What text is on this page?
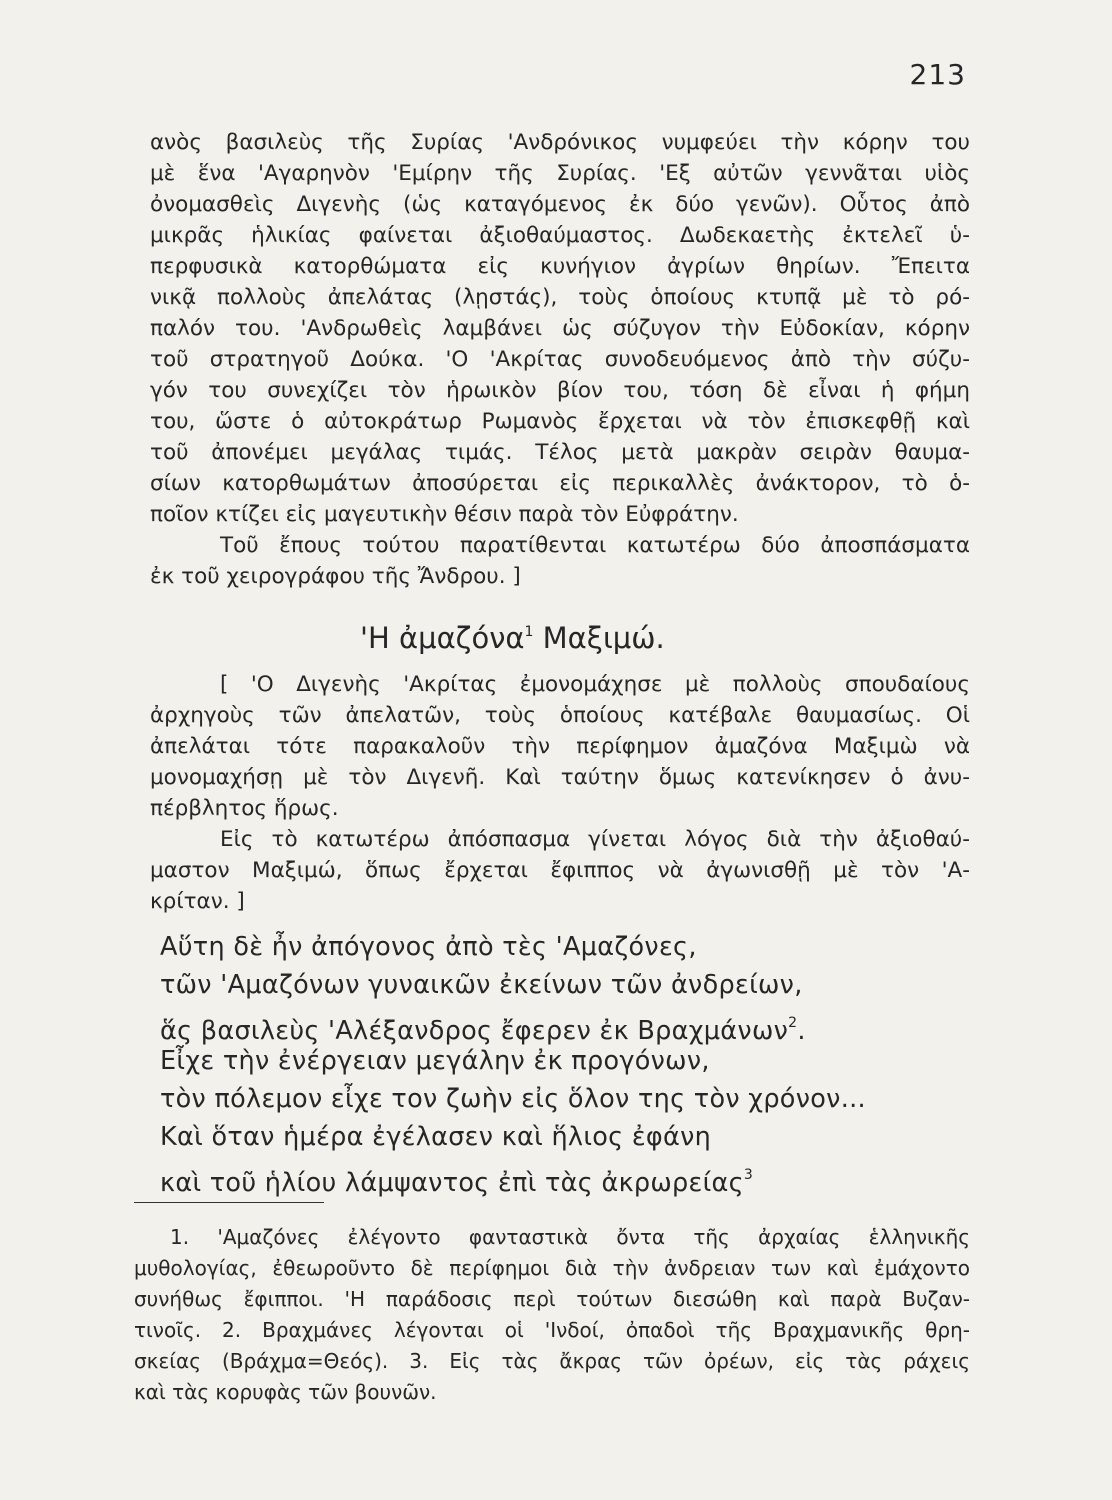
213
ανὸς βασιλεὺς τῆς Συρίας 'Ανδρόνικος νυμφεύει τὴν κόρην του
μὲ ἕνα 'Αγαρηνὸν 'Εμίρην τῆς Συρίας. 'Εξ αὐτῶν γεννᾶται υἱὸς
ὀνομασθεὶς Διγενὴς (ὡς καταγόμενος ἐκ δύο γενῶν). Οὗτος ἀπὸ
μικρᾶς ἡλικίας φαίνεται ἀξιοθαύμαστος. Δωδεκαετὴς ἐκτελεῖ ὑ-
περφυσικὰ κατορθώματα εἰς κυνήγιον ἀγρίων θηρίων. Ἔπειτα
νικᾷ πολλοὺς ἀπελάτας (λῃστάς), τοὺς ὁποίους κτυπᾷ μὲ τὸ ρό-
παλόν του. 'Ανδρωθεὶς λαμβάνει ὡς σύζυγον τὴν Εὐδοκίαν, κόρην
τοῦ στρατηγοῦ Δούκα. 'Ο 'Ακρίτας συνοδευόμενος ἀπὸ τὴν σύζυ-
γόν του συνεχίζει τὸν ἡρωικὸν βίον του, τόση δὲ εἶναι ἡ φήμη
του, ὥστε ὁ αὐτοκράτωρ Ρωμανὸς ἔρχεται νὰ τὸν ἐπισκεφθῇ καὶ
τοῦ ἀπονέμει μεγάλας τιμάς. Τέλος μετὰ μακρὰν σειρὰν θαυμα-
σίων κατορθωμάτων ἀποσύρεται εἰς περικαλλὲς ἀνάκτορον, τὸ ὁ-
ποῖον κτίζει εἰς μαγευτικὴν θέσιν παρὰ τὸν Εὐφράτην.
Τοῦ ἔπους τούτου παρατίθενται κατωτέρω δύο ἀποσπάσματα
ἐκ τοῦ χειρογράφου τῆς Ἄνδρου. ]
'Η ἀμαζόνα$^1$ Μαξιμώ.
[ 'Ο Διγενὴς 'Ακρίτας ἐμονομάχησε μὲ πολλοὺς σπουδαίους
ἀρχηγοὺς τῶν ἀπελατῶν, τοὺς ὁποίους κατέβαλε θαυμασίως. Οἱ
ἀπελάται τότε παρακαλοῦν τὴν περίφημον ἀμαζόνα Μαξιμὼ νὰ
μονομαχήσῃ μὲ τὸν Διγενῆ. Καὶ ταύτην ὅμως κατενίκησεν ὁ ἀνυ-
πέρβλητος ἥρως.
Εἰς τὸ κατωτέρω ἀπόσπασμα γίνεται λόγος διὰ τὴν ἀξιοθαύ-
μαστον Μαξιμώ, ὅπως ἔρχεται ἔφιππος νὰ ἀγωνισθῇ μὲ τὸν 'Α-
κρίταν. ]
Αὕτη δὲ ἦν ἀπόγονος ἀπὸ τὲς 'Αμαζόνες,
τῶν 'Αμαζόνων γυναικῶν ἐκείνων τῶν ἀνδρείων,
ἅς βασιλεὺς 'Αλέξανδρος ἔφερεν ἐκ Βραχμάνων$^2$.
Εἶχε τὴν ἐνέργειαν μεγάλην ἐκ προγόνων,
τὸν πόλεμον εἶχε τον ζωὴν εἰς ὅλον της τὸν χρόνον...
Καὶ ὅταν ἡμέρα ἐγέλασεν καὶ ἥλιος ἐφάνη
καὶ τοῦ ἡλίου λάμψαντος ἐπὶ τὰς ἀκρωρείας$^3$
1. 'Αμαζόνες ἐλέγοντο φανταστικὰ ὄντα τῆς ἀρχαίας ἑλληνικῆς
μυθολογίας, ἐθεωροῦντο δὲ περίφημοι διὰ τὴν ἀνδρειαν των καὶ ἐμάχοντο
συνήθως ἔφιπποι. 'Η παράδοσις περὶ τούτων διεσώθη καὶ παρὰ Βυζαν-
τινοῖς. 2. Βραχμάνες λέγονται οἱ 'Ινδοί, ὀπαδοὶ τῆς Βραχμανικῆς θρη-
σκείας (Βράχμα=Θεός). 3. Εἰς τὰς ἄκρας τῶν ὀρέων, εἰς τὰς ράχεις
καὶ τὰς κορυφὰς τῶν βουνῶν.
